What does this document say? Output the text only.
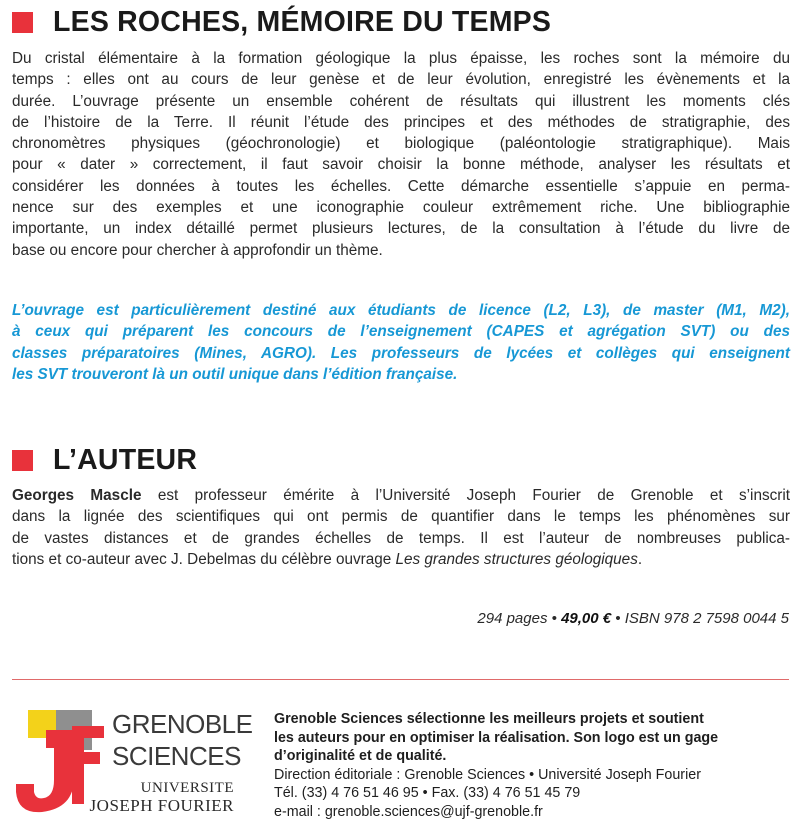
LES ROCHES, MÉMOIRE DU TEMPS
Du cristal élémentaire à la formation géologique la plus épaisse, les roches sont la mémoire du
temps : elles ont au cours de leur genèse et de leur évolution, enregistré les évènements et la
durée. L’ouvrage présente un ensemble cohérent de résultats qui illustrent les moments clés
de l’histoire de la Terre. Il réunit l’étude des principes et des méthodes de stratigraphie, des
chronomètres physiques (géochronologie) et biologique (paléontologie stratigraphique). Mais
pour « dater » correctement, il faut savoir choisir la bonne méthode, analyser les résultats et
considérer les données à toutes les échelles. Cette démarche essentielle s’appuie en perma-
nence sur des exemples et une iconographie couleur extrêmement riche. Une bibliographie
importante, un index détaillé permet plusieurs lectures, de la consultation à l’étude du livre de
base ou encore pour chercher à approfondir un thème.
L’ouvrage est particulièrement destiné aux étudiants de licence (L2, L3), de master (M1, M2),
à ceux qui préparent les concours de l’enseignement (CAPES et agrégation SVT) ou des
classes préparatoires (Mines, AGRO). Les professeurs de lycées et collèges qui enseignent
les SVT trouveront là un outil unique dans l’édition française.
L’AUTEUR
Georges Mascle est professeur émérite à l’Université Joseph Fourier de Grenoble et s’inscrit
dans la lignée des scientifiques qui ont permis de quantifier dans le temps les phénomènes sur
de vastes distances et de grandes échelles de temps. Il est l’auteur de nombreuses publica-
tions et co-auteur avec J. Debelmas du célèbre ouvrage Les grandes structures géologiques.
294 pages • 49,00 € • ISBN 978 2 7598 0044 5
GRENOBLE
SCIENCES
UNIVERSITE
JOSEPH FOURIER
Grenoble Sciences sélectionne les meilleurs projets et soutient
les auteurs pour en optimiser la réalisation. Son logo est un gage
d’originalité et de qualité.
Direction éditoriale : Grenoble Sciences • Université Joseph Fourier
Tél. (33) 4 76 51 46 95 • Fax. (33) 4 76 51 45 79
e-mail : grenoble.sciences@ujf-grenoble.fr
